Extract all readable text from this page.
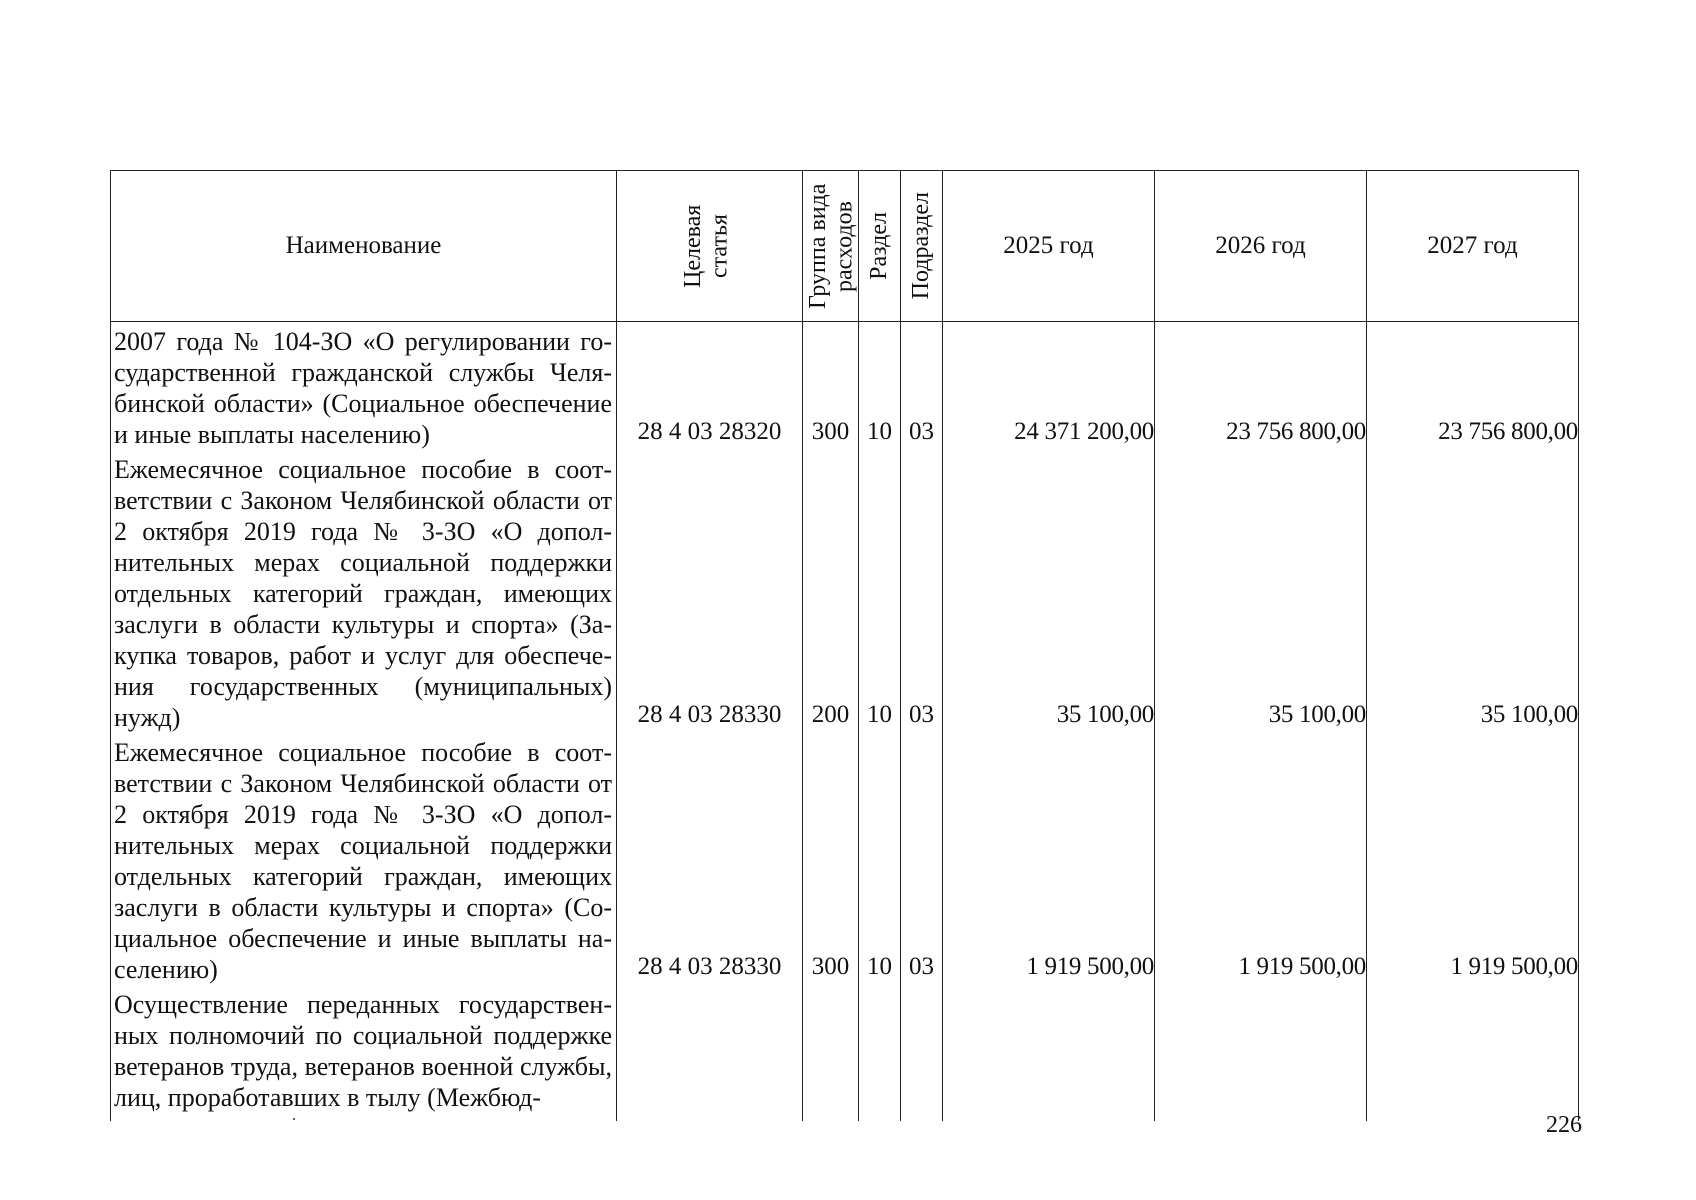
Наименование	Целевая статья	Группа вида расходов	Раздел	Подраздел	2025 год	2026 год	2027 год
2007 года № 104-ЗО «О регулировании государственной гражданской службы Челябинской области» (Социальное обеспечение и иные выплаты населению)	28 4 03 28320	300	10	03	24 371 200,00	23 756 800,00	23 756 800,00
Ежемесячное социальное пособие в соответствии с Законом Челябинской области от 2 октября 2019 года № 3-ЗО «О дополнительных мерах социальной поддержки отдельных категорий граждан, имеющих заслуги в области культуры и спорта» (Закупка товаров, работ и услуг для обеспечения государственных (муниципальных) нужд)	28 4 03 28330	200	10	03	35 100,00	35 100,00	35 100,00
Ежемесячное социальное пособие в соответствии с Законом Челябинской области от 2 октября 2019 года № 3-ЗО «О дополнительных мерах социальной поддержки отдельных категорий граждан, имеющих заслуги в области культуры и спорта» (Социальное обеспечение и иные выплаты населению)	28 4 03 28330	300	10	03	1 919 500,00	1 919 500,00	1 919 500,00
Осуществление переданных государственных полномочий по социальной поддержке ветеранов труда, ветеранов военной службы, лиц, проработавших в тылу (Межбюд-							
226
